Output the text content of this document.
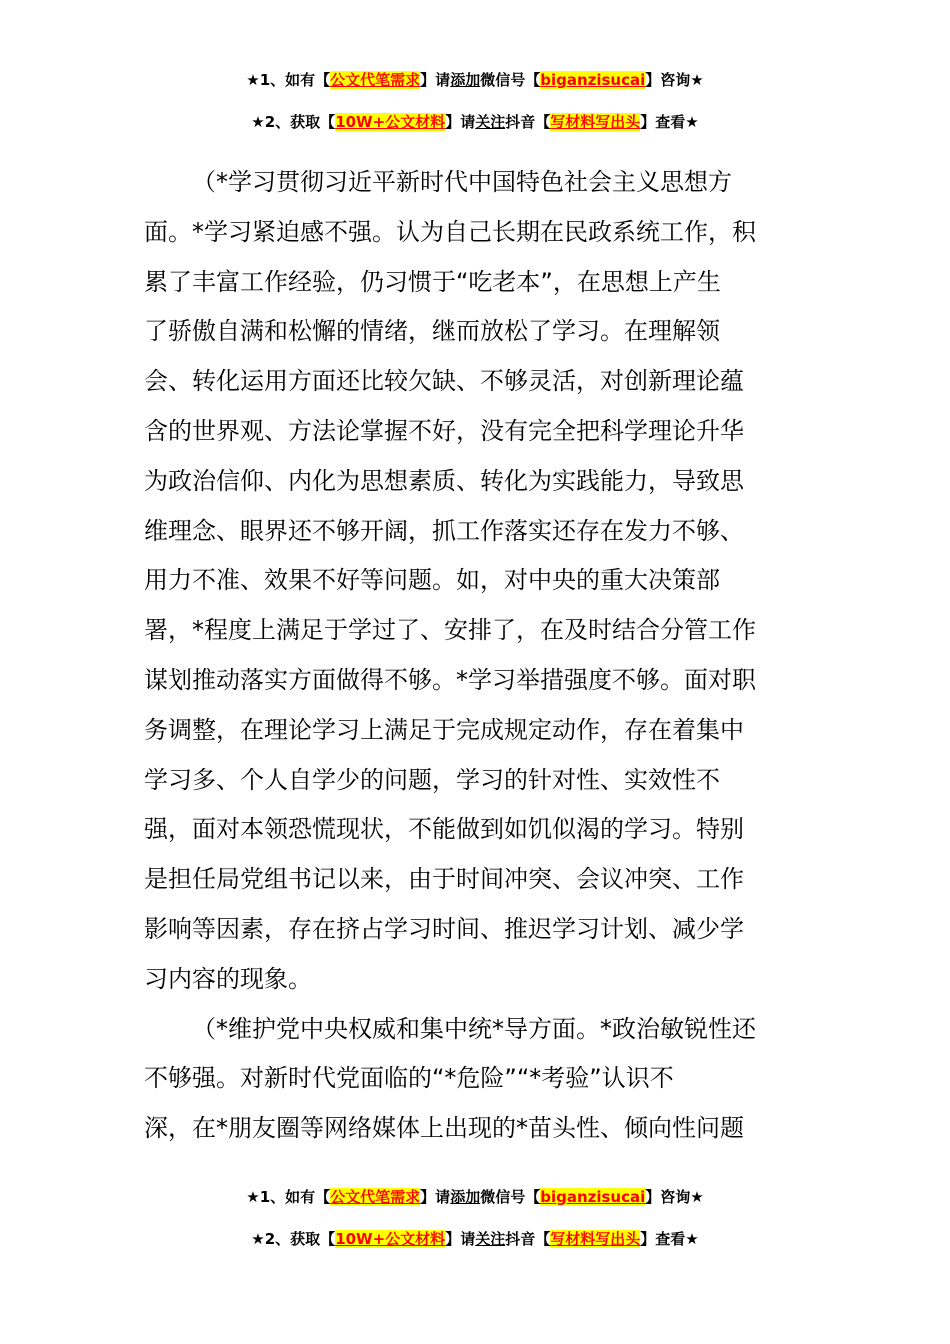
★1、如有【公文代笔需求】请添加微信号【biganzisucai】咨询★
★2、获取【10W+公文材料】请关注抖音【写材料写出头】查看★
（*学习贯彻习近平新时代中国特色社会主义思想方
面。*学习紧迫感不强。认为自己长期在民政系统工作，积
累了丰富工作经验，仍习惯于“吃老本”，在思想上产生
了骄傲自满和松懈的情绪，继而放松了学习。在理解领
会、转化运用方面还比较欠缺、不够灵活，对创新理论蕴
含的世界观、方法论掌握不好，没有完全把科学理论升华
为政治信仰、内化为思想素质、转化为实践能力，导致思
维理念、眼界还不够开阔，抓工作落实还存在发力不够、
用力不准、效果不好等问题。如，对中央的重大决策部
署，*程度上满足于学过了、安排了，在及时结合分管工作
谋划推动落实方面做得不够。*学习举措强度不够。面对职
务调整，在理论学习上满足于完成规定动作，存在着集中
学习多、个人自学少的问题，学习的针对性、实效性不
强，面对本领恐慌现状，不能做到如饥似渴的学习。特别
是担任局党组书记以来，由于时间冲突、会议冲突、工作
影响等因素，存在挤占学习时间、推迟学习计划、减少学
习内容的现象。
（*维护党中央权威和集中统*导方面。*政治敏锐性还
不够强。对新时代党面临的“*危险”“*考验”认识不
深，在*朋友圈等网络媒体上出现的*苗头性、倾向性问题
★1、如有【公文代笔需求】请添加微信号【biganzisucai】咨询★
★2、获取【10W+公文材料】请关注抖音【写材料写出头】查看★
